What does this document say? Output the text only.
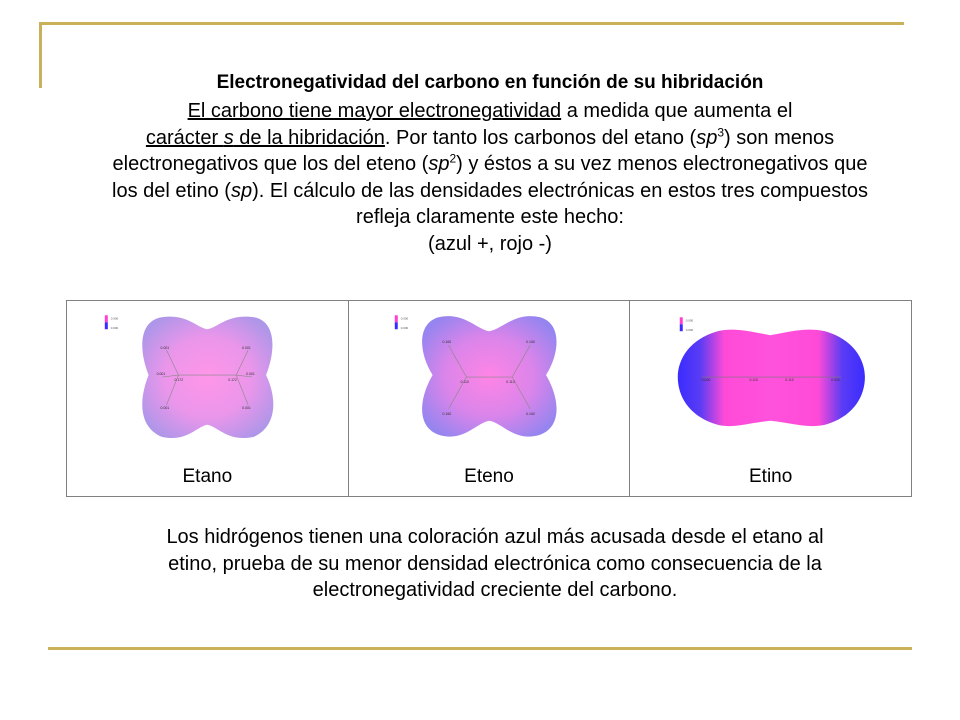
Electronegatividad del carbono en función de su hibridación
El carbono tiene mayor electronegatividad a medida que aumenta el
carácter s de la hibridación. Por tanto los carbonos del etano $(sp^3)$ son menos electronegativos que los del eteno $(sp^2)$ y éstos a su vez menos electronegativos que los del etino (sp). El cálculo de las densidades electrónicas en estos tres compuestos refleja claramente este hecho:
(azul +, rojo -)
0.000
0.000
0.001	0.001
0.172	0.172
0.001	0.001
0.001	0.001
Etano

0.000
0.000
0.160	0.160
0.110	0.110
0.160	0.160
Eteno

0.000
0.000
0.000	0.110	0.110	0.000
Etino
Los hidrógenos tienen una coloración azul más acusada desde el etano al etino, prueba de su menor densidad electrónica como consecuencia de la electronegatividad creciente del carbono.
